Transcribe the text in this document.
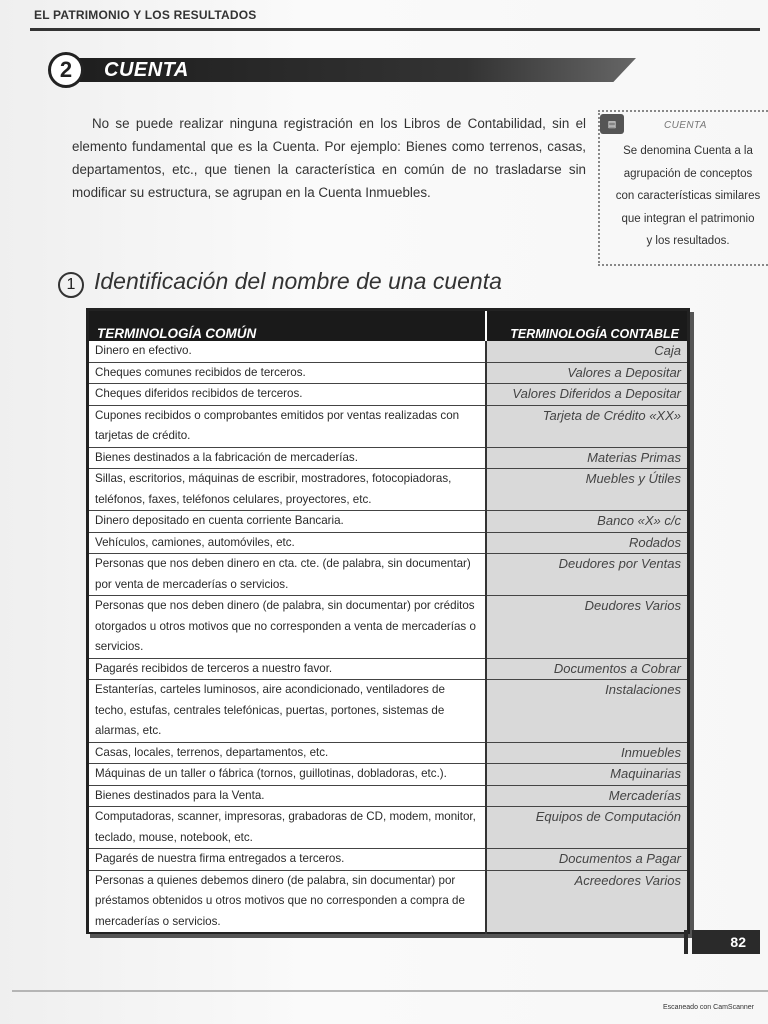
EL PATRIMONIO Y LOS RESULTADOS
2	CUENTA
No se puede realizar ninguna registración en los Libros de Contabilidad, sin el elemento fundamental que es la Cuenta. Por ejemplo: Bienes como terrenos, casas, departamentos, etc., que tienen la característica en común de no trasladarse sin modificar su estructura, se agrupan en la Cuenta Inmuebles.
▤	CUENTA
Se denomina Cuenta a la
agrupación de conceptos
con características similares
que integran el patrimonio
y los resultados.
1 Identificación del nombre de una cuenta
TERMINOLOGÍA COMÚN	TERMINOLOGÍA CONTABLE
Dinero en efectivo.	Caja
Cheques comunes recibidos de terceros.	Valores a Depositar
Cheques diferidos recibidos de terceros.	Valores Diferidos a Depositar
Cupones recibidos o comprobantes emitidos por ventas realizadas con tarjetas de crédito.	Tarjeta de Crédito «XX»
Bienes destinados a la fabricación de mercaderías.	Materias Primas
Sillas, escritorios, máquinas de escribir, mostradores, fotocopiadoras, teléfonos, faxes, teléfonos celulares, proyectores, etc.	Muebles y Útiles
Dinero depositado en cuenta corriente Bancaria.	Banco «X» c/c
Vehículos, camiones, automóviles, etc.	Rodados
Personas que nos deben dinero en cta. cte. (de palabra, sin documentar) por venta de mercaderías o servicios.	Deudores por Ventas
Personas que nos deben dinero (de palabra, sin documentar) por créditos otorgados u otros motivos que no corresponden a venta de mercaderías o servicios.	Deudores Varios
Pagarés recibidos de terceros a nuestro favor.	Documentos a Cobrar
Estanterías, carteles luminosos, aire acondicionado, ventiladores de techo, estufas, centrales telefónicas, puertas, portones, sistemas de alarmas, etc.	Instalaciones
Casas, locales, terrenos, departamentos, etc.	Inmuebles
Máquinas de un taller o fábrica (tornos, guillotinas, dobladoras, etc.).	Maquinarias
Bienes destinados para la Venta.	Mercaderías
Computadoras, scanner, impresoras, grabadoras de CD, modem, monitor, teclado, mouse, notebook, etc.	Equipos de Computación
Pagarés de nuestra firma entregados a terceros.	Documentos a Pagar
Personas a quienes debemos dinero (de palabra, sin documentar) por préstamos obtenidos u otros motivos que no corresponden a compra de mercaderías o servicios.	Acreedores Varios
82
Escaneado con CamScanner
